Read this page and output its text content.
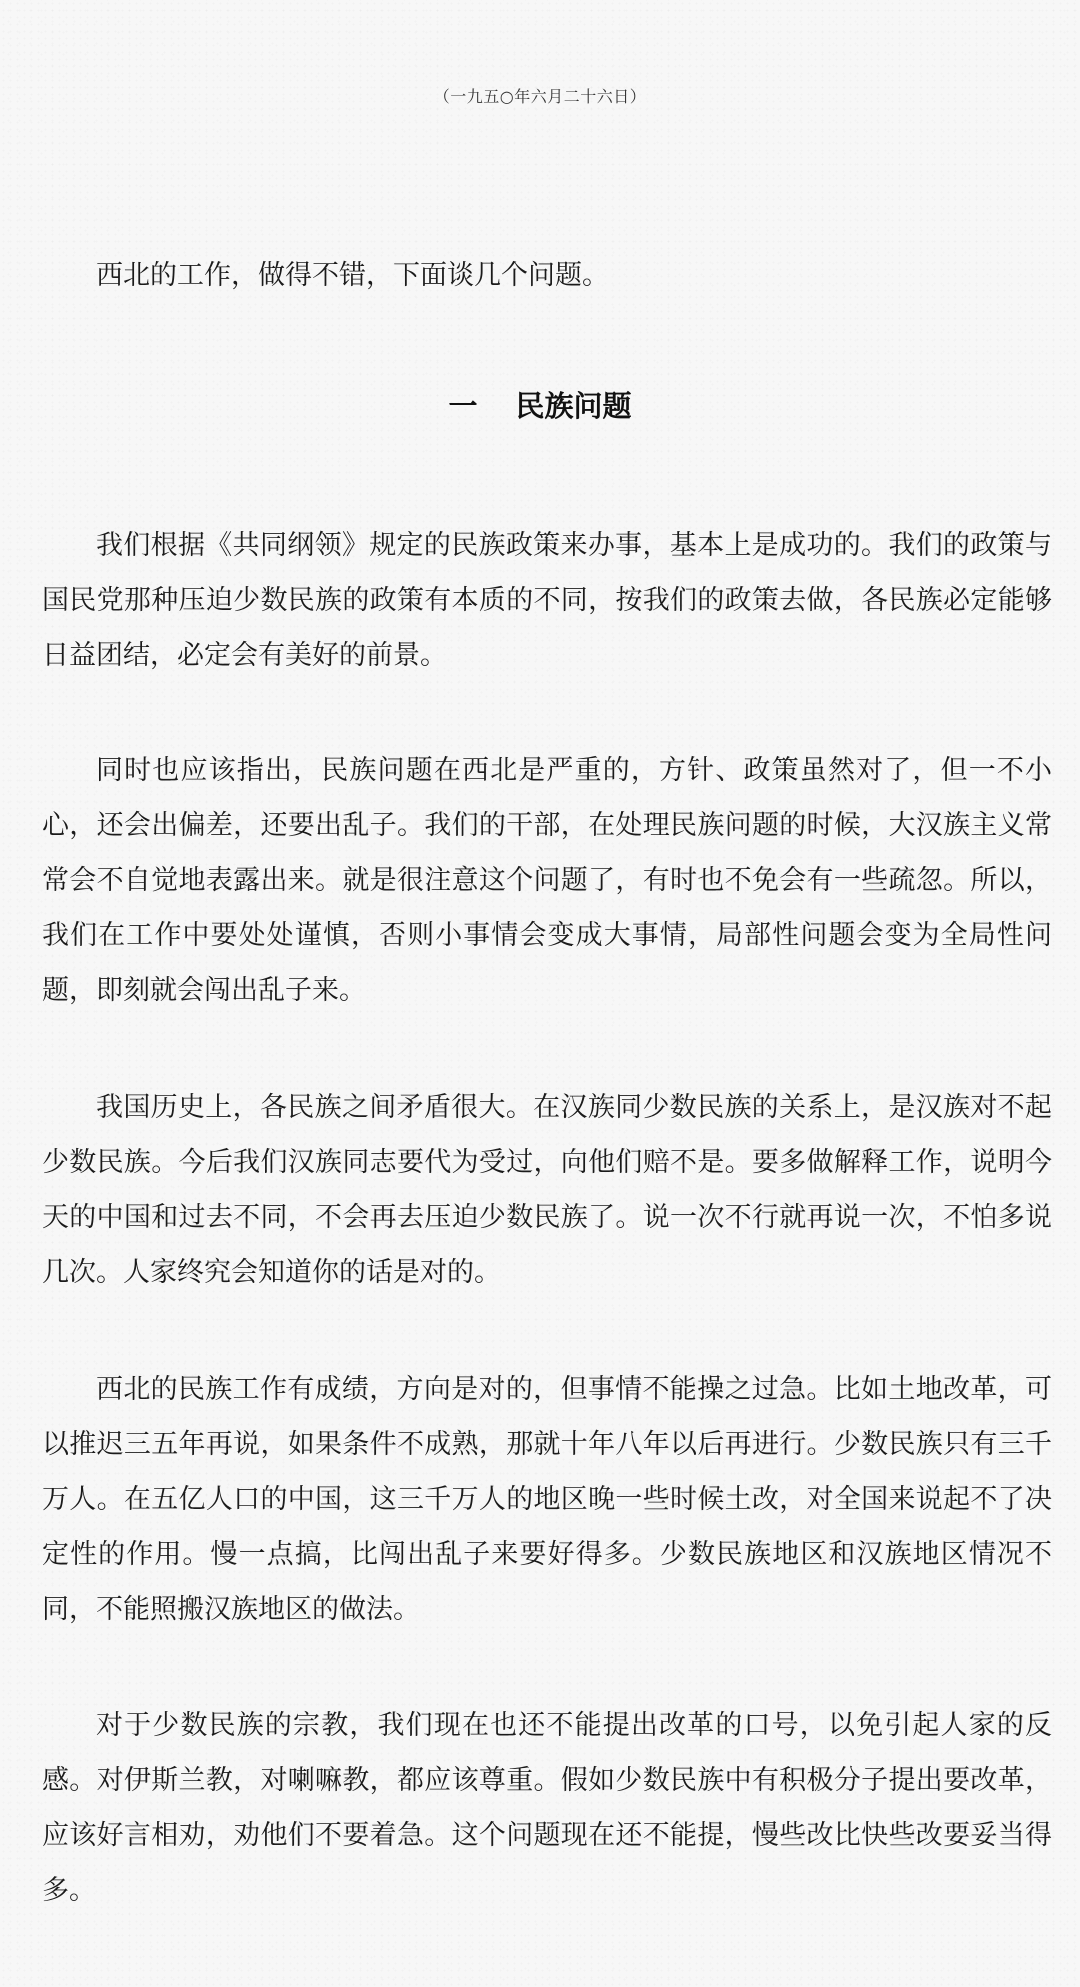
（一九五○年六月二十六日）

西北的工作，做得不错，下面谈几个问题。

一 民族问题

我们根据《共同纲领》规定的民族政策来办事，基本上是成功的。我们的政策与国民党那种压迫少数民族的政策有本质的不同，按我们的政策去做，各民族必定能够日益团结，必定会有美好的前景。

同时也应该指出，民族问题在西北是严重的，方针、政策虽然对了，但一不小心，还会出偏差，还要出乱子。我们的干部，在处理民族问题的时候，大汉族主义常常会不自觉地表露出来。就是很注意这个问题了，有时也不免会有一些疏忽。所以，我们在工作中要处处谨慎，否则小事情会变成大事情，局部性问题会变为全局性问题，即刻就会闯出乱子来。

我国历史上，各民族之间矛盾很大。在汉族同少数民族的关系上，是汉族对不起少数民族。今后我们汉族同志要代为受过，向他们赔不是。要多做解释工作，说明今天的中国和过去不同，不会再去压迫少数民族了。说一次不行就再说一次，不怕多说几次。人家终究会知道你的话是对的。

西北的民族工作有成绩，方向是对的，但事情不能操之过急。比如土地改革，可以推迟三五年再说，如果条件不成熟，那就十年八年以后再进行。少数民族只有三千万人。在五亿人口的中国，这三千万人的地区晚一些时候土改，对全国来说起不了决定性的作用。慢一点搞，比闯出乱子来要好得多。少数民族地区和汉族地区情况不同，不能照搬汉族地区的做法。

对于少数民族的宗教，我们现在也还不能提出改革的口号，以免引起人家的反感。对伊斯兰教，对喇嘛教，都应该尊重。假如少数民族中有积极分子提出要改革，应该好言相劝，劝他们不要着急。这个问题现在还不能提，慢些改比快些改要妥当得多。
